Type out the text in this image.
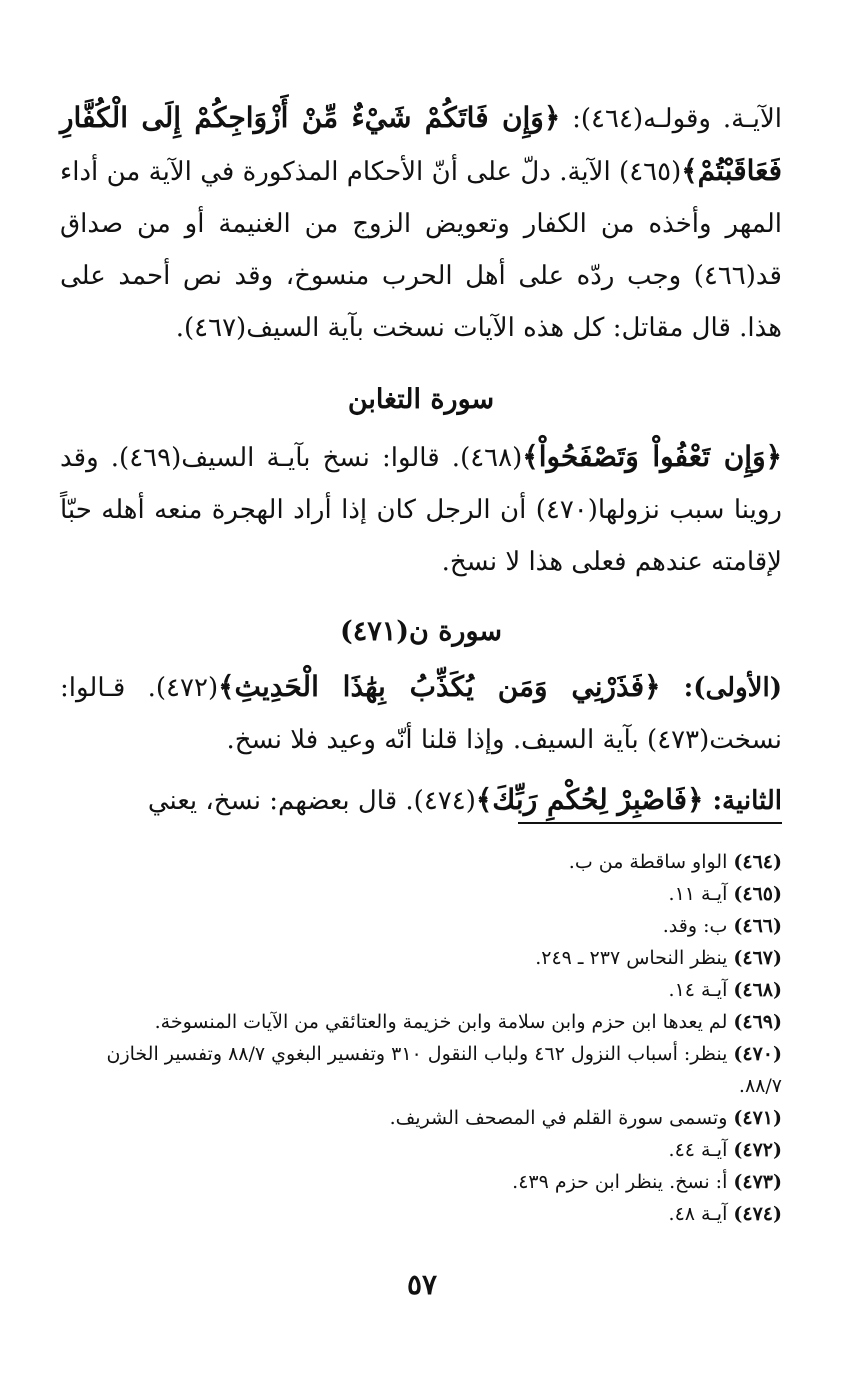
الآيـة. وقولـه(٤٦٤): ﴿وَإِن فَاتَكُمْ شَيْءٌ مِّنْ أَزْوَاجِكُمْ إِلَى الْكُفَّارِ فَعَاقَبْتُمْ﴾(٤٦٥) الآية. دلّ على أنّ الأحكام المذكورة في الآية من أداء المهر وأخذه من الكفار وتعويض الزوج من الغنيمة أو من صداق قد(٤٦٦) وجب ردّه على أهل الحرب منسوخ، وقد نص أحمد على هذا. قال مقاتل: كل هذه الآيات نسخت بآية السيف(٤٦٧).

سورة التغابن

﴿وَإِن تَعْفُواْ وَتَصْفَحُواْ﴾(٤٦٨). قالوا: نسخ بآيـة السيف(٤٦٩). وقد روينا سبب نزولها(٤٧٠) أن الرجل كان إذا أراد الهجرة منعه أهله حبّاً لإقامته عندهم فعلى هذا لا نسخ.

سورة ن(٤٧١)

(الأولى): ﴿فَذَرْنِي وَمَن يُكَذِّبُ بِهَٰذَا الْحَدِيثِ﴾(٤٧٢). قـالوا: نسخت(٤٧٣) بآية السيف. وإذا قلنا أنّه وعيد فلا نسخ.

الثانية: ﴿فَاصْبِرْ لِحُكْمِ رَبِّكَ﴾(٤٧٤). قال بعضهم: نسخ، يعني

(٤٦٤)الواو ساقطة من ب.
(٤٦٥)آيـة ١١.
(٤٦٦)ب: وقد.
(٤٦٧)ينظر النحاس ٢٣٧ ـ ٢٤٩.
(٤٦٨)آيـة ١٤.
(٤٦٩)لم يعدها ابن حزم وابن سلامة وابن خزيمة والعتائقي من الآيات المنسوخة.
(٤٧٠)ينظر: أسباب النزول ٤٦٢ ولباب النقول ٣١٠ وتفسير البغوي ٨٨/٧ وتفسير الخازن ٨٨/٧.
(٤٧١)وتسمى سورة القلم في المصحف الشريف.
(٤٧٢)آيـة ٤٤.
(٤٧٣)أ: نسخ. ينظر ابن حزم ٤٣٩.
(٤٧٤)آيـة ٤٨.
٥٧
